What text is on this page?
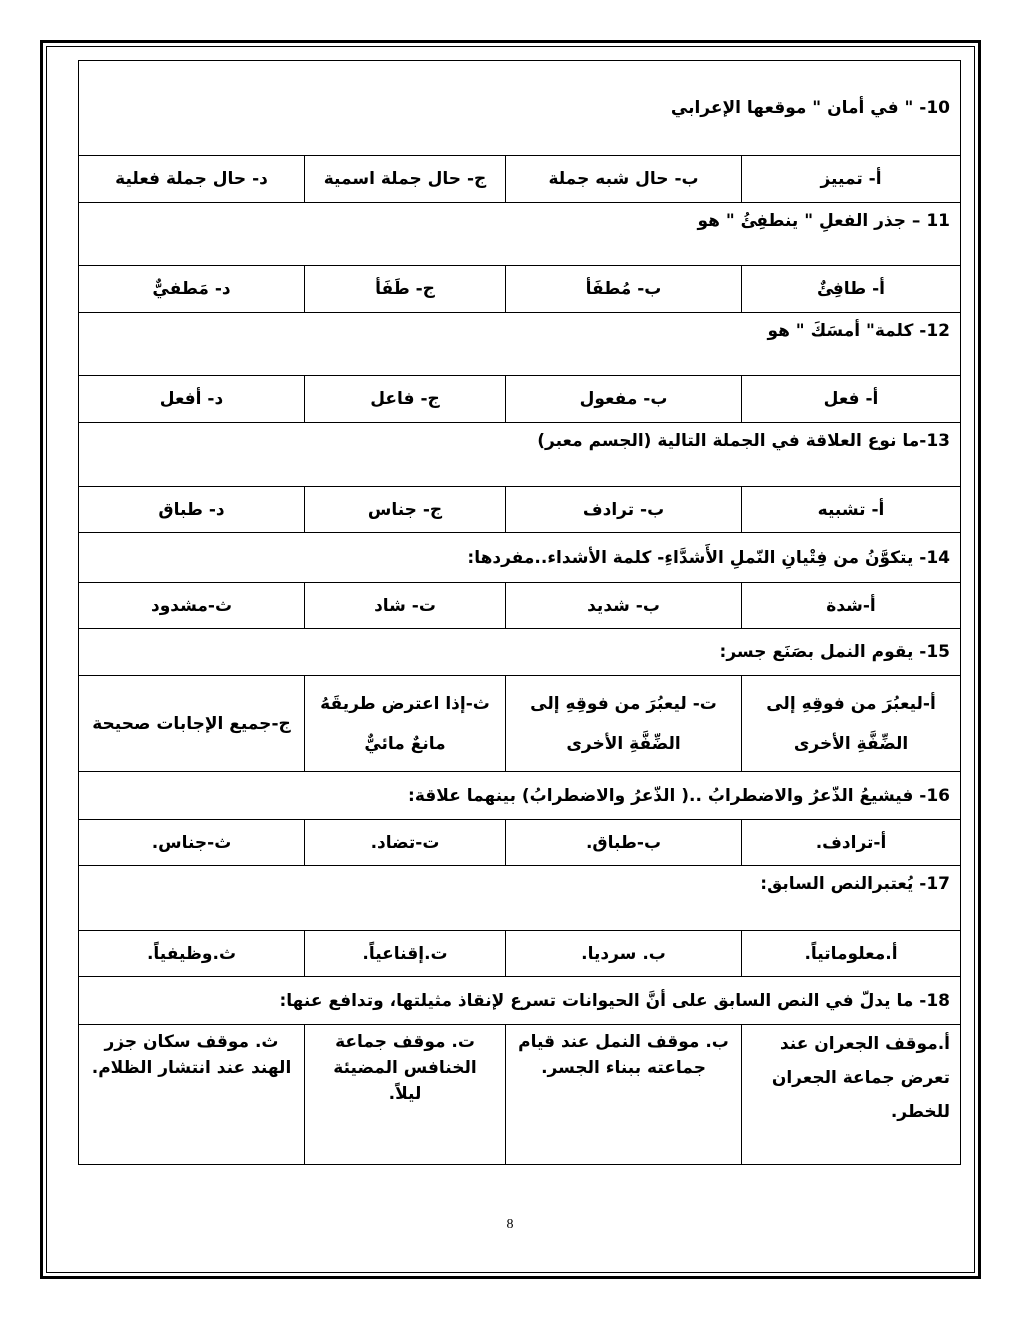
10- " في أمان " موقعها الإعرابي			
أ- تمييز	ب- حال شبه جملة	ج- حال جملة اسمية	د- حال جملة فعلية
11 – جذر الفعلِ " ينطفِئُ " هو			
أ- طافِئٌ	ب- مُطفَأ	ج- طَفَأ	د- مَطفيٌّ
12- كلمة" أمسَكَ " هو			
أ- فعل	ب- مفعول	ج- فاعل	د- أفعل
13-ما نوع العلاقة في الجملة التالية (الجسم معبر)			
أ- تشبيه	ب- ترادف	ج- جناس	د- طباق
14- يتكوَّنُ من فِتْيانِ النّملِ الأَشدَّاءِ- كلمة الأشداء..مفردها:			
أ-شدة	ب- شديد	ت- شاد	ث-مشدود
15- يقوم النمل بصَنَع جسر:			
أ-ليعبُرَ من فوقِهِ إلى الضِّفَّةِ الأخرى	ت- ليعبُرَ من فوقِهِ إلى الضِّفَّةِ الأخرى	ث-إذا اعترض طريقَهُ مانعٌ مائيٌّ	ج-جميع الإجابات صحيحة
16- فيشيعُ الذّعرُ والاضطرابُ ..( الذّعرُ والاضطرابُ) بينهما علاقة:			
أ-ترادف.	ب-طباق.	ت-تضاد.	ث-جناس.
17- يُعتبرالنص السابق:			
أ.معلوماتياً.	ب. سرديا.	ت.إقناعياً.	ث.وظيفياً.
18- ما يدلّ في النص السابق على أنَّ الحيوانات تسرع لإنقاذ مثيلتها، وتدافع عنها:			
أ.موقف الجعران عند تعرض جماعة الجعران للخطر.	ب. موقف النمل عند قيام جماعته ببناء الجسر.	ت. موقف جماعة الخنافس المضيئة ليلاً.	ث. موقف سكان جزر الهند عند انتشار الظلام.
8
